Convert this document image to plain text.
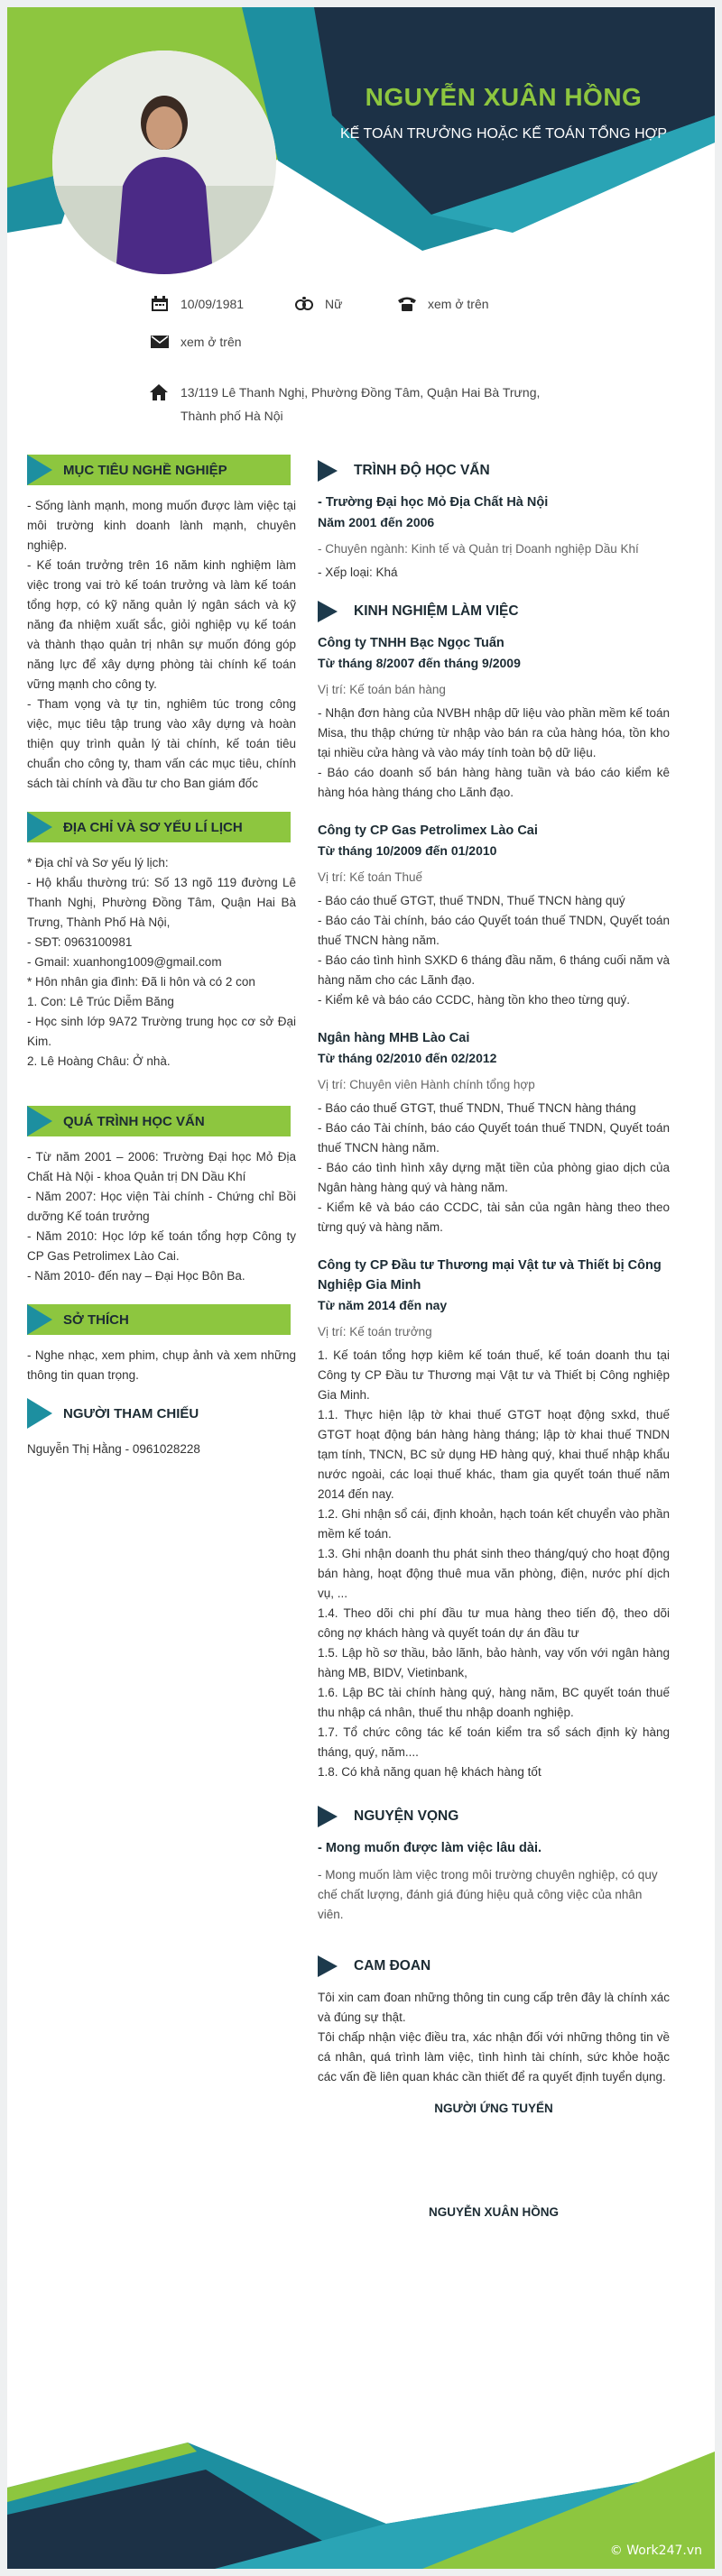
NGUYỄN XUÂN HỒNG
KẾ TOÁN TRƯỞNG HOẶC KẾ TOÁN TỔNG HỢP
10/09/1981	Nữ	xem ở trên
xem ở trên
13/119 Lê Thanh Nghị, Phường Đồng Tâm, Quận Hai Bà Trưng, Thành phố Hà Nội
MỤC TIÊU NGHỀ NGHIỆP

- Sống lành mạnh, mong muốn được làm việc tại môi trường kinh doanh lành mạnh, chuyên nghiệp.

- Kế toán trưởng trên 16 năm kinh nghiệm làm việc trong vai trò kế toán trưởng và làm kế toán tổng hợp, có kỹ năng quản lý ngân sách và kỹ năng đa nhiệm xuất sắc, giỏi nghiệp vụ kế toán và thành thạo quản trị nhân sự muốn đóng góp năng lực để xây dựng phòng tài chính kế toán vững mạnh cho công ty.

- Tham vọng và tự tin, nghiêm túc trong công việc, mục tiêu tập trung vào xây dựng và hoàn thiện quy trình quản lý tài chính, kế toán tiêu chuẩn cho công ty, tham vấn các mục tiêu, chính sách tài chính và đầu tư cho Ban giám đốc

ĐỊA CHỈ VÀ SƠ YẾU LÍ LỊCH

* Địa chỉ và Sơ yếu lý lịch:

- Hộ khẩu thường trú: Số 13 ngõ 119 đường Lê Thanh Nghị, Phường Đồng Tâm, Quận Hai Bà Trưng, Thành Phố Hà Nội,

- SĐT: 0963100981

- Gmail: xuanhong1009@gmail.com

* Hôn nhân gia đình: Đã li hôn và có 2 con

1. Con: Lê Trúc Diễm Băng

- Học sinh lớp 9A72 Trường trung học cơ sở Đại Kim.

2. Lê Hoàng Châu: Ở nhà.

QUÁ TRÌNH HỌC VẤN

- Từ năm 2001 – 2006: Trường Đại học Mỏ Địa Chất Hà Nội - khoa Quản trị DN Dầu Khí

- Năm 2007: Học viện Tài chính - Chứng chỉ Bồi dưỡng Kế toán trưởng

- Năm 2010: Học lớp kế toán tổng hợp Công ty CP Gas Petrolimex Lào Cai.

- Năm 2010- đến nay – Đại Học Bôn Ba.

SỞ THÍCH

- Nghe nhạc, xem phim, chụp ảnh và xem những thông tin quan trọng.

NGƯỜI THAM CHIẾU

Nguyễn Thị Hằng - 0961028228

TRÌNH ĐỘ HỌC VẤN
- Trường Đại học Mỏ Địa Chất Hà Nội
Năm 2001 đến 2006
- Chuyên ngành: Kinh tế và Quản trị Doanh nghiệp Dầu Khí
- Xếp loại: Khá
KINH NGHIỆM LÀM VIỆC
Công ty TNHH Bạc Ngọc Tuấn
Từ tháng 8/2007 đến tháng 9/2009
Vị trí: Kế toán bán hàng
- Nhận đơn hàng của NVBH nhập dữ liệu vào phần mềm kế toán Misa, thu thập chứng từ nhập vào bán ra của hàng hóa, tồn kho tại nhiều cửa hàng và vào máy tính toàn bộ dữ liệu.
- Báo cáo doanh số bán hàng hàng tuần và báo cáo kiểm kê hàng hóa hàng tháng cho Lãnh đạo.
Công ty CP Gas Petrolimex Lào Cai
Từ tháng 10/2009 đến 01/2010
Vị trí: Kế toán Thuế
- Báo cáo thuế GTGT, thuế TNDN, Thuế TNCN hàng quý
- Báo cáo Tài chính, báo cáo Quyết toán thuế TNDN, Quyết toán thuế TNCN hàng năm.
- Báo cáo tình hình SXKD 6 tháng đầu năm, 6 tháng cuối năm và hàng năm cho các Lãnh đạo.
- Kiểm kê và báo cáo CCDC, hàng tồn kho theo từng quý.
Ngân hàng MHB Lào Cai
Từ tháng 02/2010 đến 02/2012
Vị trí: Chuyên viên Hành chính tổng hợp
- Báo cáo thuế GTGT, thuế TNDN, Thuế TNCN hàng tháng
- Báo cáo Tài chính, báo cáo Quyết toán thuế TNDN, Quyết toán thuế TNCN hàng năm.
- Báo cáo tình hình xây dựng mặt tiền của phòng giao dịch của Ngân hàng hàng quý và hàng năm.
- Kiểm kê và báo cáo CCDC, tài sản của ngân hàng theo theo từng quý và hàng năm.
Công ty CP Đầu tư Thương mại Vật tư và Thiết bị Công Nghiệp Gia Minh
Từ năm 2014 đến nay
Vị trí: Kế toán trưởng
1. Kế toán tổng hợp kiêm kế toán thuế, kế toán doanh thu tại Công ty CP Đầu tư Thương mại Vật tư và Thiết bị Công nghiệp Gia Minh.
1.1. Thực hiện lập tờ khai thuế GTGT hoạt động sxkd, thuế GTGT hoạt động bán hàng hàng tháng; lập tờ khai thuế TNDN tạm tính, TNCN, BC sử dụng HĐ hàng quý, khai thuế nhập khẩu nước ngoài, các loại thuế khác, tham gia quyết toán thuế năm 2014 đến nay.
1.2. Ghi nhận sổ cái, định khoản, hạch toán kết chuyển vào phần mềm kế toán.
1.3. Ghi nhận doanh thu phát sinh theo tháng/quý cho hoạt động bán hàng, hoạt động thuê mua văn phòng, điện, nước phí dịch vụ, ...
1.4. Theo dõi chi phí đầu tư mua hàng theo tiến độ, theo dõi công nợ khách hàng và quyết toán dự án đầu tư
1.5. Lập hồ sơ thầu, bảo lãnh, bảo hành, vay vốn với ngân hàng hàng MB, BIDV, Vietinbank,
1.6. Lập BC tài chính hàng quý, hàng năm, BC quyết toán thuế thu nhập cá nhân, thuế thu nhập doanh nghiệp.
1.7. Tổ chức công tác kế toán kiểm tra sổ sách định kỳ hàng tháng, quý, năm....
1.8. Có khả năng quan hệ khách hàng tốt
NGUYỆN VỌNG
- Mong muốn được làm việc lâu dài.
- Mong muốn làm việc trong môi trường chuyên nghiệp, có quy chế chất lượng, đánh giá đúng hiệu quả công việc của nhân viên.
CAM ĐOAN

Tôi xin cam đoan những thông tin cung cấp trên đây là chính xác và đúng sự thật.

Tôi chấp nhận việc điều tra, xác nhận đối với những thông tin về cá nhân, quá trình làm việc, tình hình tài chính, sức khỏe hoặc các vấn đề liên quan khác cần thiết để ra quyết định tuyển dụng.

NGƯỜI ỨNG TUYỂN
NGUYỄN XUÂN HỒNG
© Work247.vn
